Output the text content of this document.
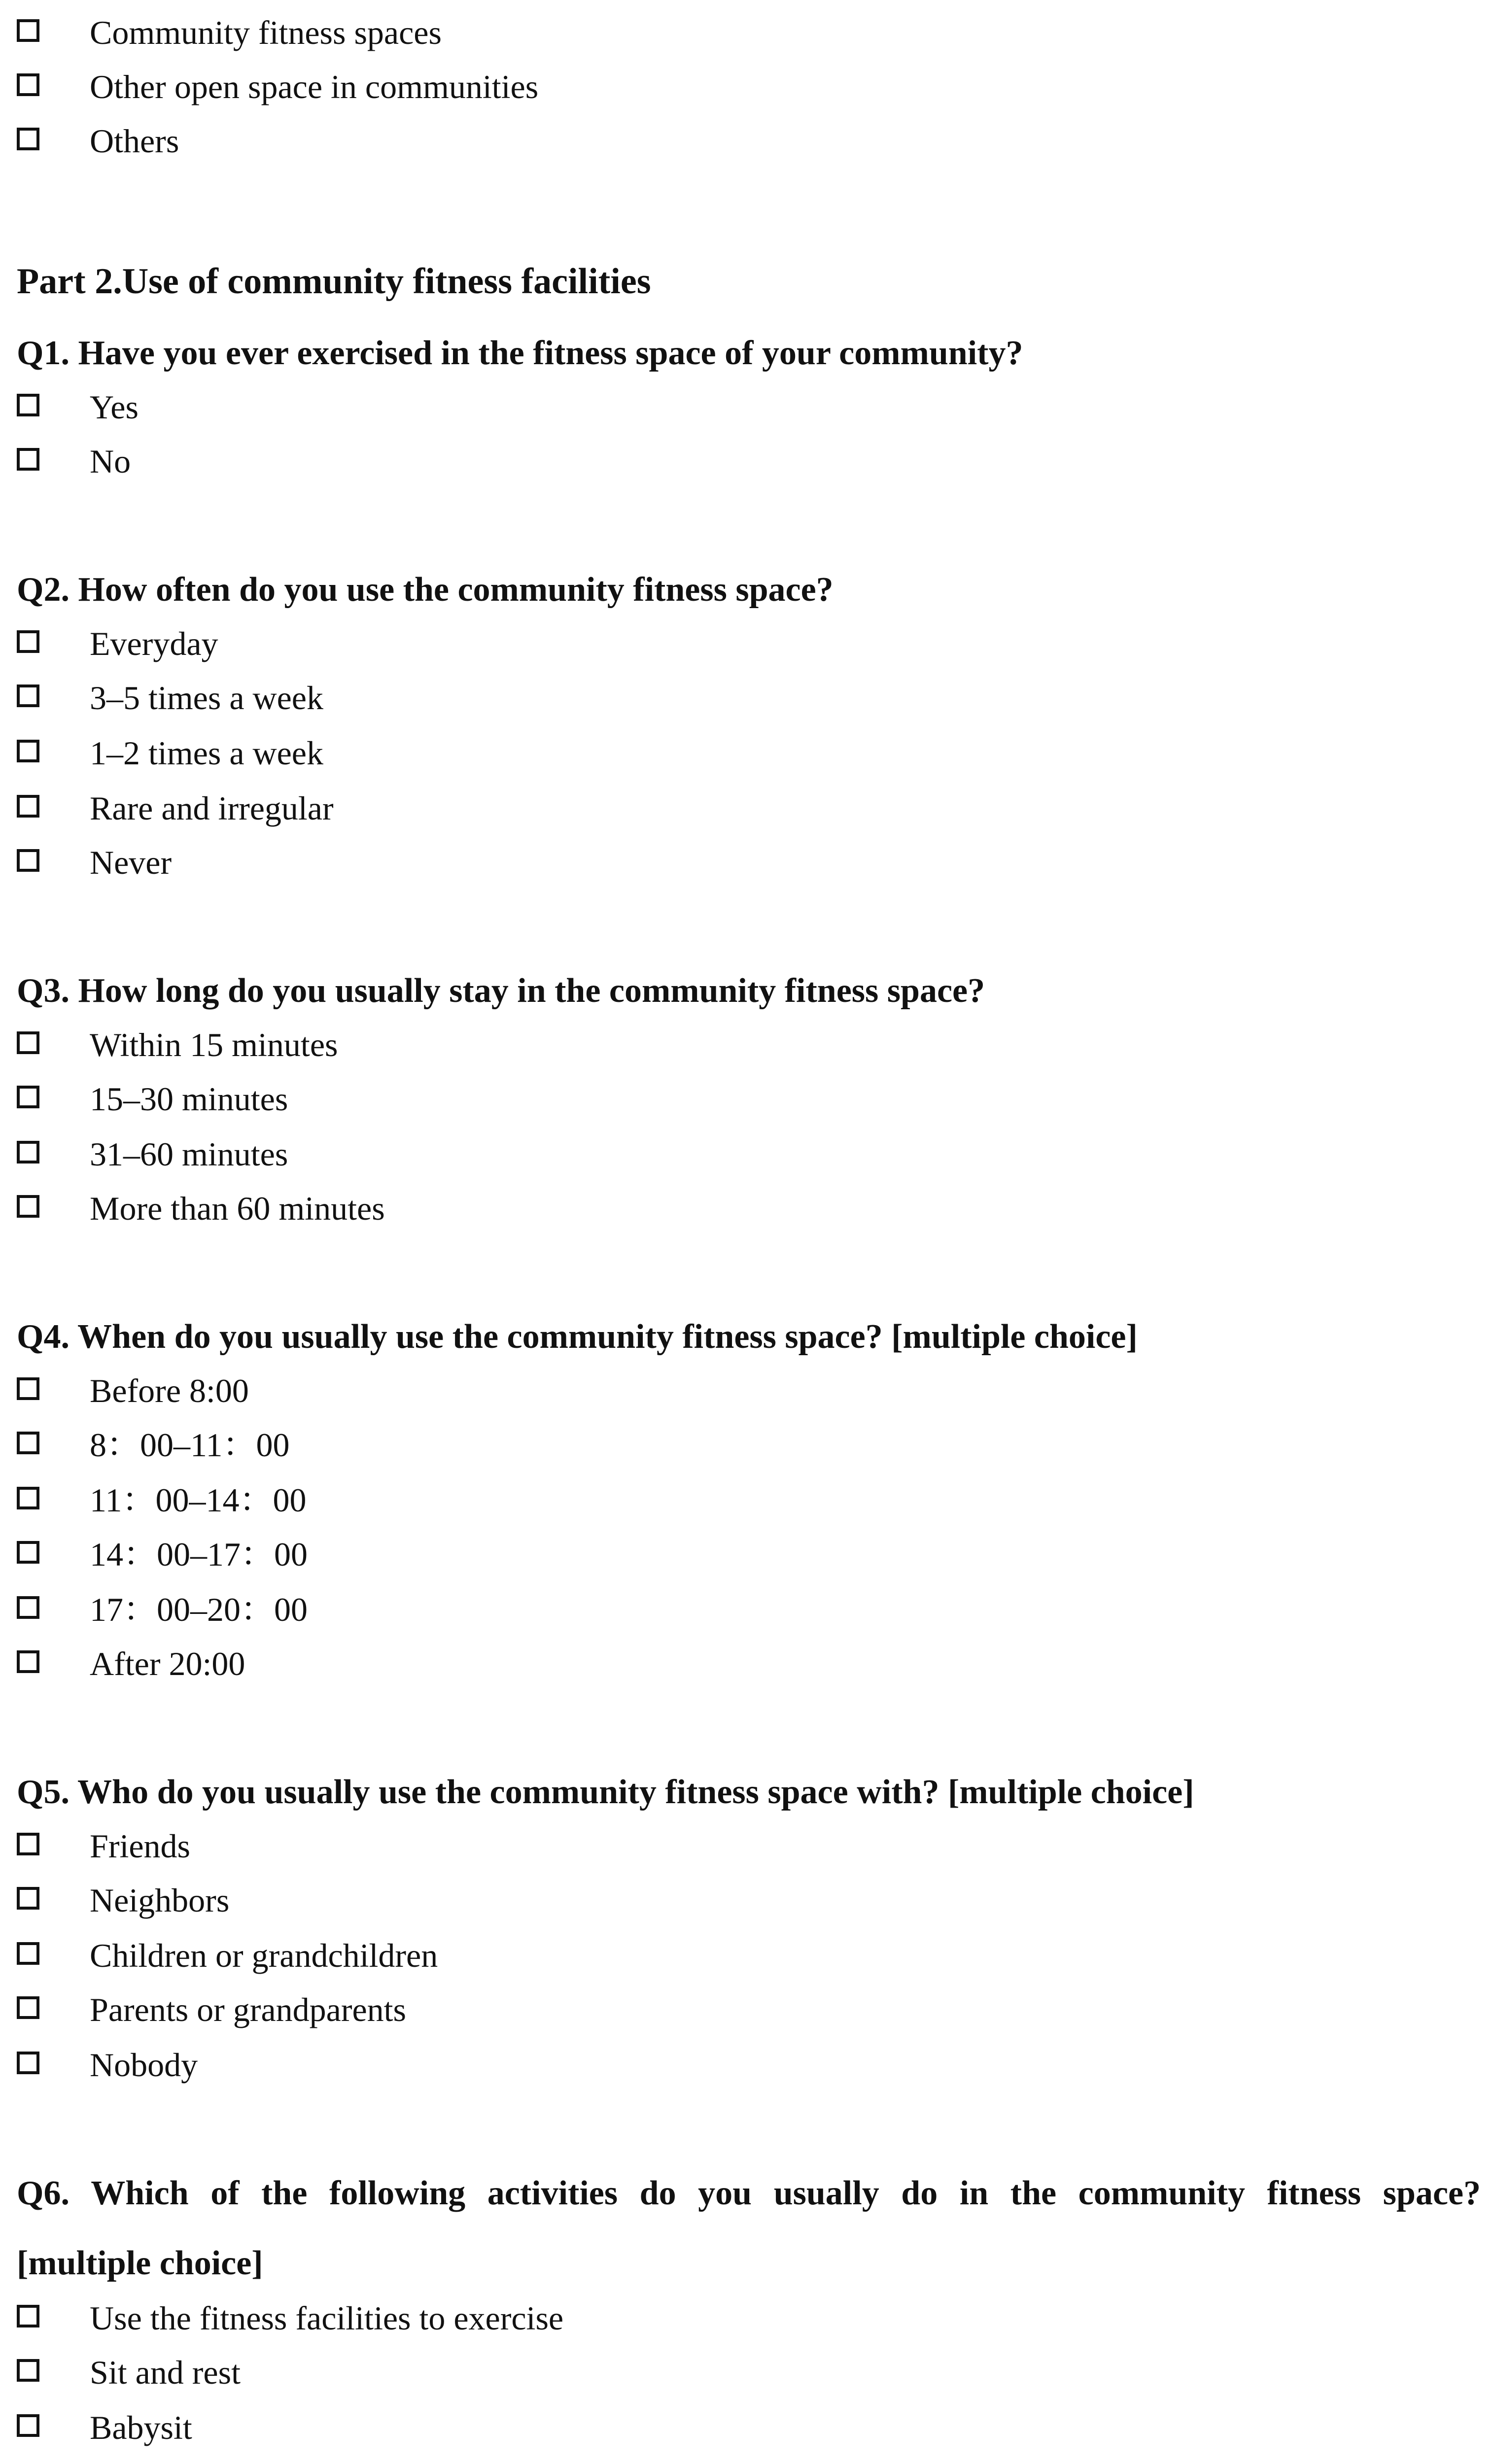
Community fitness spaces
Other open space in communities
Others
Part 2.Use of community fitness facilities
Q1. Have you ever exercised in the fitness space of your community?
Yes
No
Q2. How often do you use the community fitness space?
Everyday
3–5 times a week
1–2 times a week
Rare and irregular
Never
Q3. How long do you usually stay in the community fitness space?
Within 15 minutes
15–30 minutes
31–60 minutes
More than 60 minutes
Q4. When do you usually use the community fitness space? [multiple choice]
Before 8:00
8：00–11：00
11：00–14：00
14：00–17：00
17：00–20：00
After 20:00
Q5. Who do you usually use the community fitness space with? [multiple choice]
Friends
Neighbors
Children or grandchildren
Parents or grandparents
Nobody
Q6. Which of the following activities do you usually do in the community fitness space?
[multiple choice]
Use the fitness facilities to exercise
Sit and rest
Babysit
